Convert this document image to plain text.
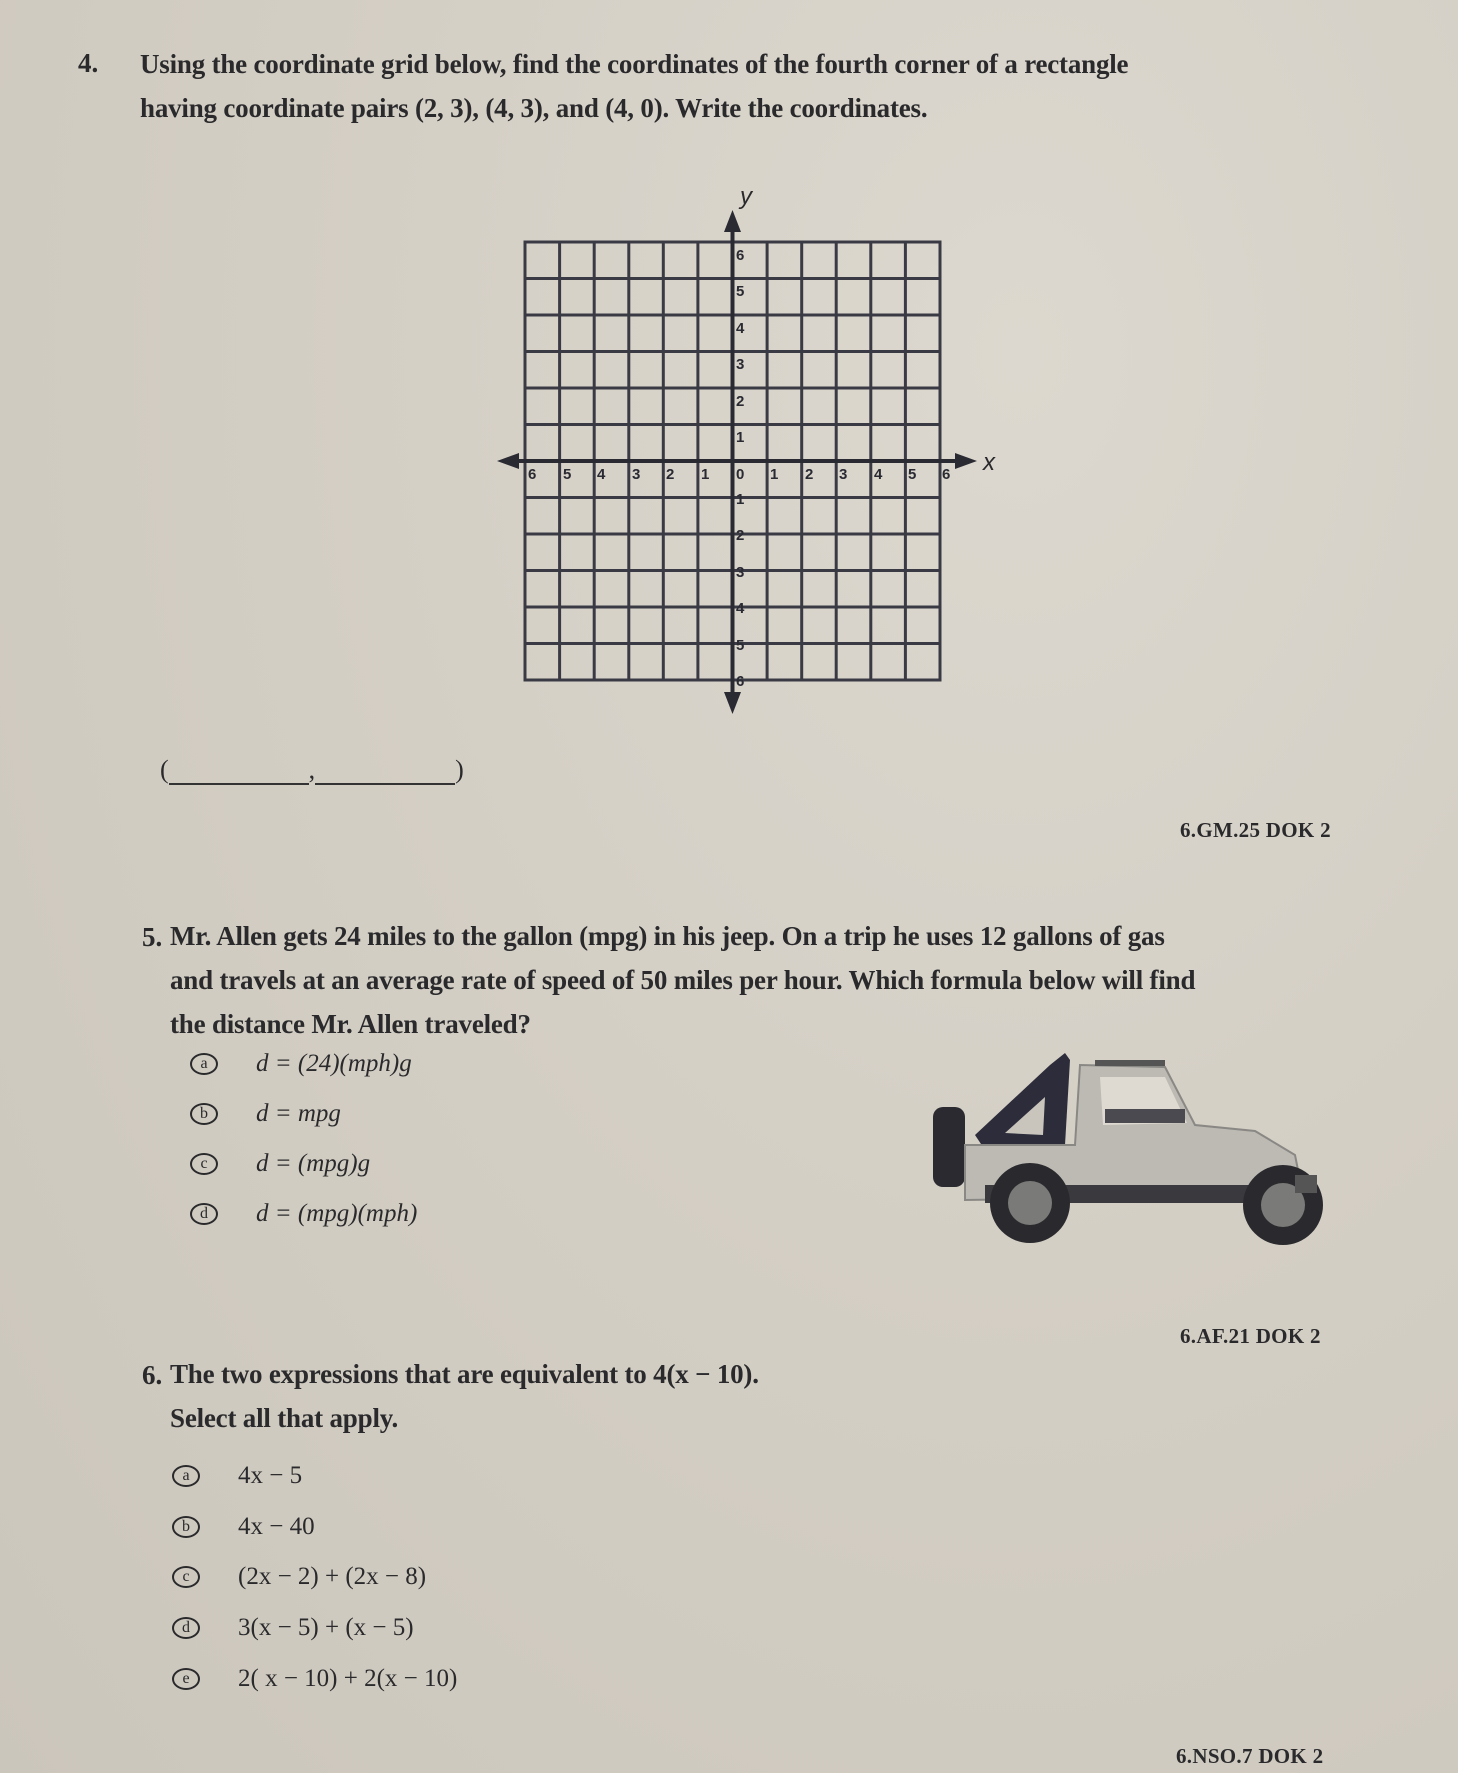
4. Using the coordinate grid below, find the coordinates of the fourth corner of a rectangle
having coordinate pairs (2, 3), (4, 3), and (4, 0). Write the coordinates.
y
x
6 5 4 3 2 1 0 1 2 3 4 5 6
6
5
4
3
2
1
1
2
3
4
5
6
(	,	)
6.GM.25 DOK 2
5. Mr. Allen gets 24 miles to the gallon (mpg) in his jeep. On a trip he uses 12 gallons of gas
and travels at an average rate of speed of 50 miles per hour. Which formula below will find
the distance Mr. Allen traveled?
a	d = (24)(mph)g
b	d = mpg
c	d = (mpg)g
d	d = (mpg)(mph)
6.AF.21 DOK 2
6. The two expressions that are equivalent to 4(x − 10).
Select all that apply.
a	4x − 5
b	4x − 40
c	(2x − 2) + (2x − 8)
d	3(x − 5) + (x − 5)
e	2( x − 10) + 2(x − 10)
6.NSO.7 DOK 2
